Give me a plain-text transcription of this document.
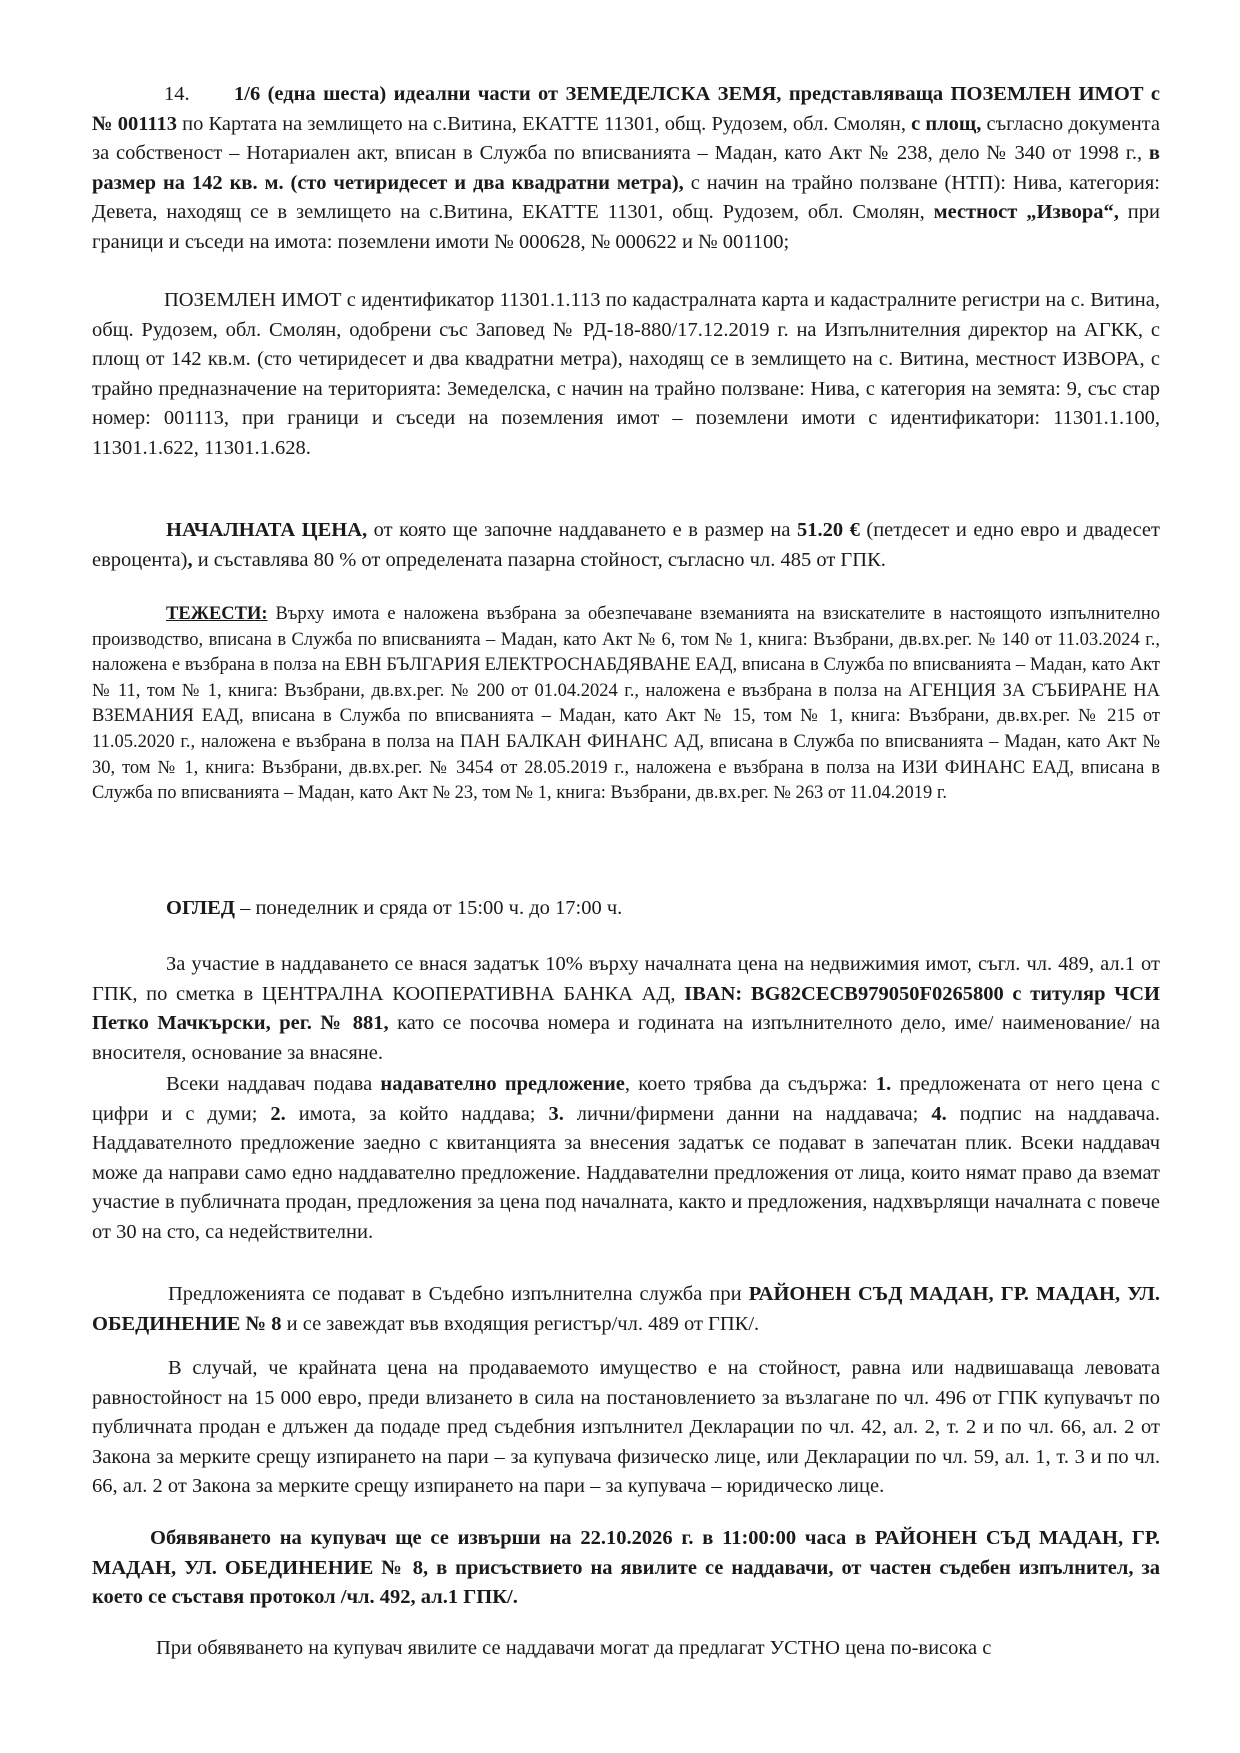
14. 1/6 (една шеста) идеални части от ЗЕМЕДЕЛСКА ЗЕМЯ, представляваща ПОЗЕМЛЕН ИМОТ с № 001113 по Картата на землището на с.Витина, ЕКАТТЕ 11301, общ. Рудозем, обл. Смолян, с площ, съгласно документа за собственост – Нотариален акт, вписан в Служба по вписванията – Мадан, като Акт № 238, дело № 340 от 1998 г., в размер на 142 кв. м. (сто четиридесет и два квадратни метра), с начин на трайно ползване (НТП): Нива, категория: Девета, находящ се в землището на с.Витина, ЕКАТТЕ 11301, общ. Рудозем, обл. Смолян, местност „Извора“, при граници и съседи на имота: поземлени имоти № 000628, № 000622 и № 001100;

ПОЗЕМЛЕН ИМОТ с идентификатор 11301.1.113 по кадастралната карта и кадастралните регистри на с. Витина, общ. Рудозем, обл. Смолян, одобрени със Заповед № РД-18-880/17.12.2019 г. на Изпълнителния директор на АГКК, с площ от 142 кв.м. (сто четиридесет и два квадратни метра), находящ се в землището на с. Витина, местност ИЗВОРА, с трайно предназначение на територията: Земеделска, с начин на трайно ползване: Нива, с категория на земята: 9, със стар номер: 001113, при граници и съседи на поземления имот – поземлени имоти с идентификатори: 11301.1.100, 11301.1.622, 11301.1.628.

НАЧАЛНАТА ЦЕНА, от която ще започне наддаването е в размер на 51.20 € (петдесет и едно евро и двадесет евроцента), и съставлява 80 % от определената пазарна стойност, съгласно чл. 485 от ГПК.

ТЕЖЕСТИ: Върху имота е наложена възбрана за обезпечаване вземанията на взискателите в настоящото изпълнително производство, вписана в Служба по вписванията – Мадан, като Акт № 6, том № 1, книга: Възбрани, дв.вх.рег. № 140 от 11.03.2024 г., наложена е възбрана в полза на ЕВН БЪЛГАРИЯ ЕЛЕКТРОСНАБДЯВАНЕ ЕАД, вписана в Служба по вписванията – Мадан, като Акт № 11, том № 1, книга: Възбрани, дв.вх.рег. № 200 от 01.04.2024 г., наложена е възбрана в полза на АГЕНЦИЯ ЗА СЪБИРАНЕ НА ВЗЕМАНИЯ ЕАД, вписана в Служба по вписванията – Мадан, като Акт № 15, том № 1, книга: Възбрани, дв.вх.рег. № 215 от 11.05.2020 г., наложена е възбрана в полза на ПАН БАЛКАН ФИНАНС АД, вписана в Служба по вписванията – Мадан, като Акт № 30, том № 1, книга: Възбрани, дв.вх.рег. № 3454 от 28.05.2019 г., наложена е възбрана в полза на ИЗИ ФИНАНС ЕАД, вписана в Служба по вписванията – Мадан, като Акт № 23, том № 1, книга: Възбрани, дв.вх.рег. № 263 от 11.04.2019 г.

ОГЛЕД – понеделник и сряда от 15:00 ч. до 17:00 ч.

За участие в наддаването се внася задатък 10% върху началната цена на недвижимия имот, съгл. чл. 489, ал.1 от ГПК, по сметка в ЦЕНТРАЛНА КООПЕРАТИВНА БАНКА АД, IBAN: BG82CECB979050F0265800 с титуляр ЧСИ Петко Мачкърски, рег. № 881, като се посочва номера и годината на изпълнителното дело, име/ наименование/ на вносителя, основание за внасяне.

Всеки наддавач подава надавателно предложение, което трябва да съдържа: 1. предложената от него цена с цифри и с думи; 2. имота, за който наддава; 3. лични/фирмени данни на наддавача; 4. подпис на наддавача. Наддавателното предложение заедно с квитанцията за внесения задатък се подават в запечатан плик. Всеки наддавач може да направи само едно наддавателно предложение. Наддавателни предложения от лица, които нямат право да вземат участие в публичната продан, предложения за цена под началната, както и предложения, надхвърлящи началната с повече от 30 на сто, са недействителни.

Предложенията се подават в Съдебно изпълнителна служба при РАЙОНЕН СЪД МАДАН, ГР. МАДАН, УЛ. ОБЕДИНЕНИЕ № 8 и се завеждат във входящия регистър/чл. 489 от ГПК/.

В случай, че крайната цена на продаваемото имущество е на стойност, равна или надвишаваща левовата равностойност на 15 000 евро, преди влизането в сила на постановлението за възлагане по чл. 496 от ГПК купувачът по публичната продан е длъжен да подаде пред съдебния изпълнител Декларации по чл. 42, ал. 2, т. 2 и по чл. 66, ал. 2 от Закона за мерките срещу изпирането на пари – за купувача физическо лице, или Декларации по чл. 59, ал. 1, т. 3 и по чл. 66, ал. 2 от Закона за мерките срещу изпирането на пари – за купувача – юридическо лице.

Обявяването на купувач ще се извърши на 22.10.2026 г. в 11:00:00 часа в РАЙОНЕН СЪД МАДАН, ГР. МАДАН, УЛ. ОБЕДИНЕНИЕ № 8, в присъствието на явилите се наддавачи, от частен съдебен изпълнител, за което се съставя протокол /чл. 492, ал.1 ГПК/.

При обявяването на купувач явилите се наддавачи могат да предлагат УСТНО цена по-висока с
